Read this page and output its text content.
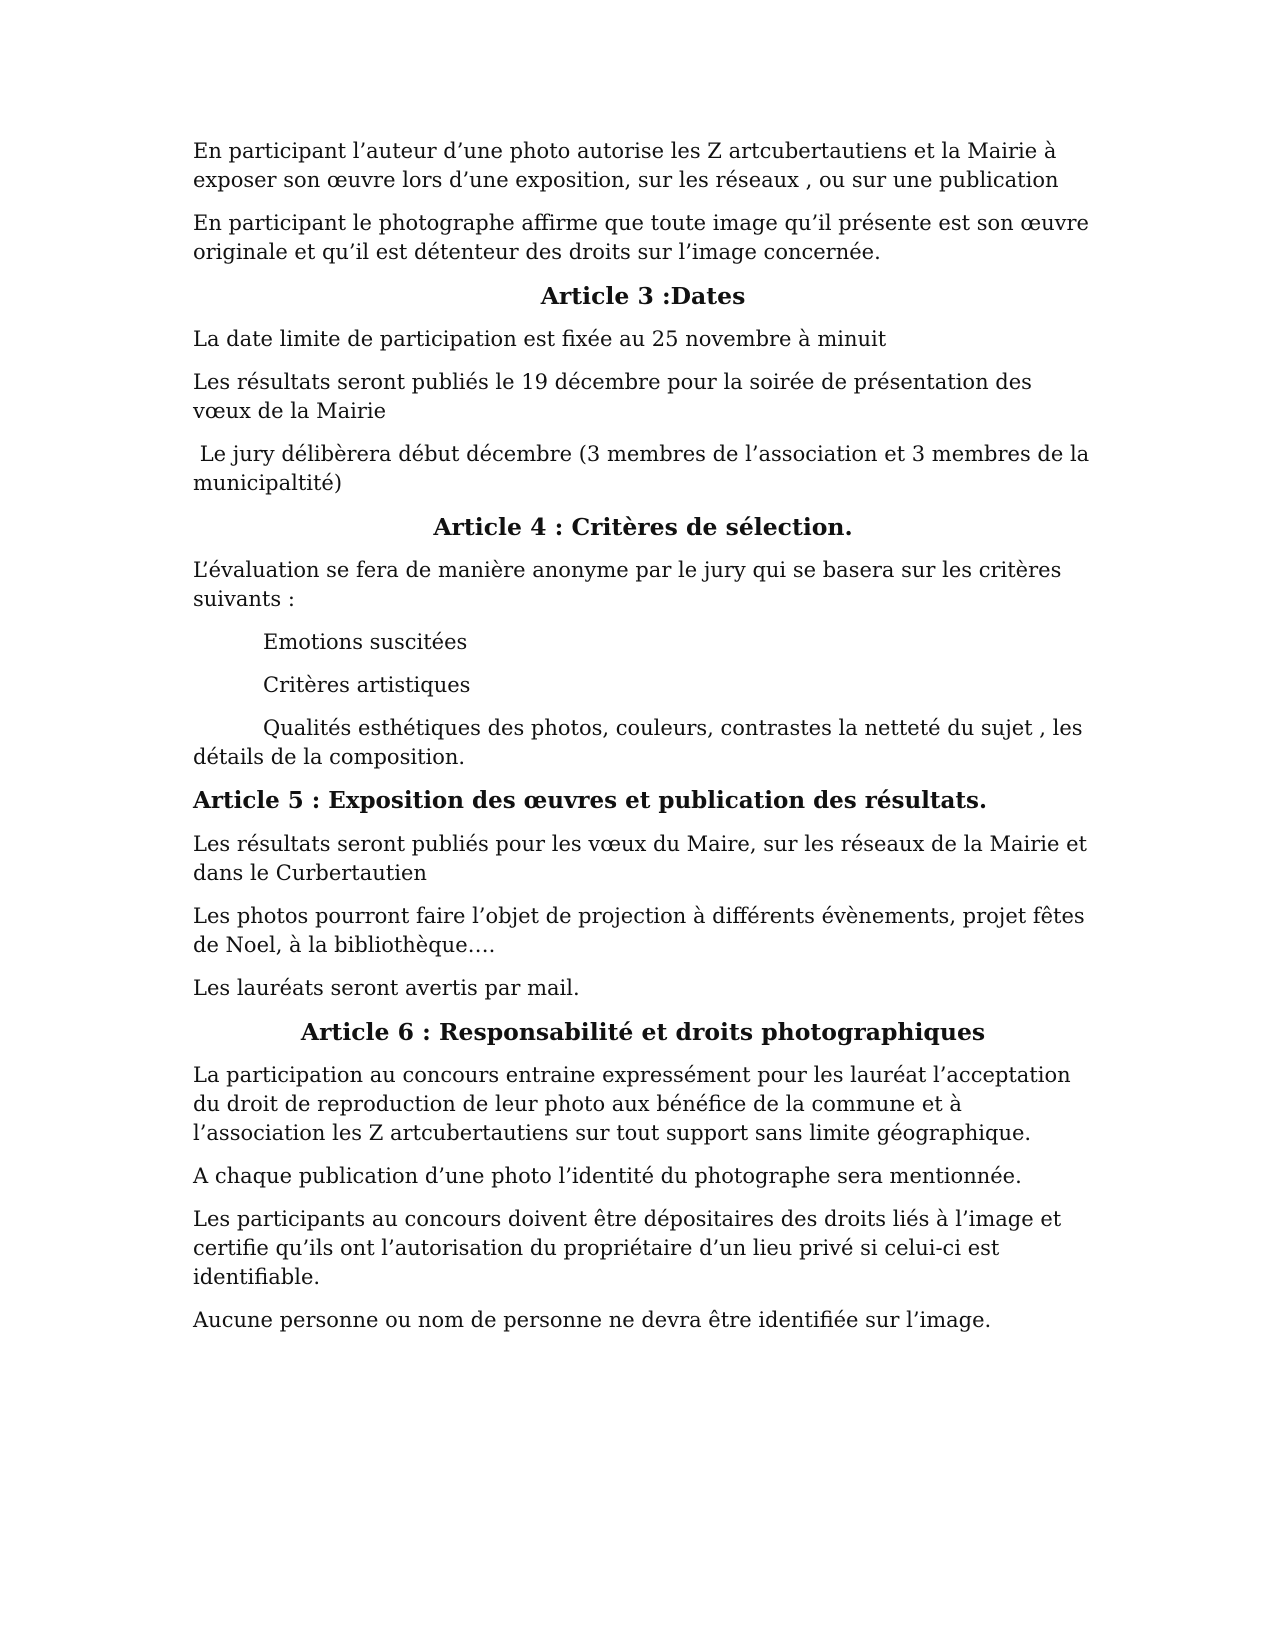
En participant l’auteur d’une photo autorise les Z artcubertautiens et la Mairie à exposer son œuvre lors d’une exposition, sur les réseaux , ou sur une publication

En participant le photographe affirme que toute image qu’il présente est son œuvre originale et qu’il est détenteur des droits sur l’image concernée.

Article 3 :Dates

La date limite de participation est fixée au 25 novembre à minuit

Les résultats seront publiés le 19 décembre pour la soirée de présentation des vœux de la Mairie

Le jury délibèrera début décembre (3 membres de l’association et 3 membres de la municipaltité)

Article 4 : Critères de sélection.

L’évaluation se fera de manière anonyme par le jury qui se basera sur les critères suivants :

Emotions suscitées

Critères artistiques

Qualités esthétiques des photos, couleurs, contrastes la netteté du sujet , les détails de la composition.

Article 5 : Exposition des œuvres et publication des résultats.

Les résultats seront publiés pour les vœux du Maire, sur les réseaux de la Mairie et dans le Curbertautien

Les photos pourront faire l’objet de projection à différents évènements, projet fêtes de Noel, à la bibliothèque….

Les lauréats seront avertis par mail.

Article 6 : Responsabilité et droits photographiques

La participation au concours entraine expressément pour les lauréat l’acceptation du droit de reproduction de leur photo aux bénéfice de la commune et à l’association les Z artcubertautiens sur tout support sans limite géographique.

A chaque publication d’une photo l’identité du photographe sera mentionnée.

Les participants au concours doivent être dépositaires des droits liés à l’image et certifie qu’ils ont l’autorisation du propriétaire d’un lieu privé si celui-ci est identifiable.

Aucune personne ou nom de personne ne devra être identifiée sur l’image.
